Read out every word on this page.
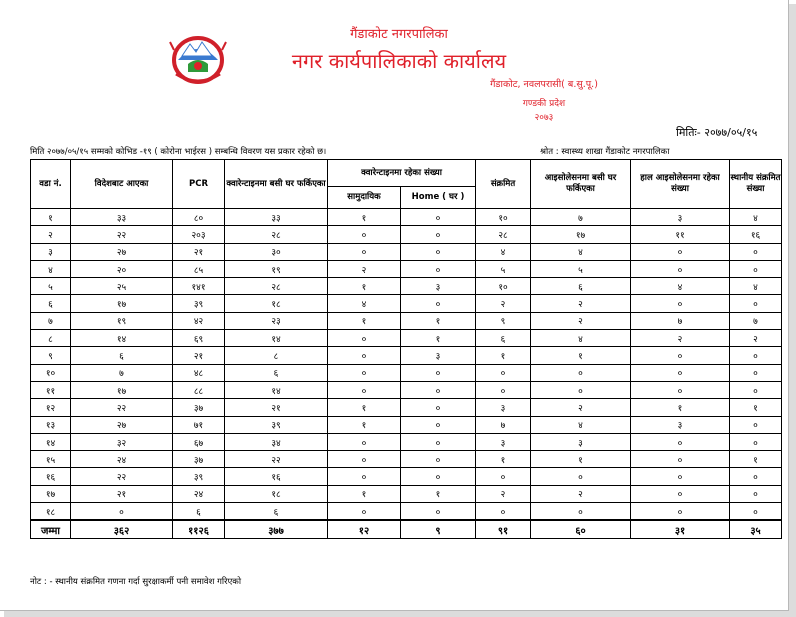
गैंडाकोट नगरपालिका
नगर कार्यपालिकाको कार्यालय
गैंडाकोट, नवलपरासी( ब.सु.पू.)
गण्डकी प्रदेश
२०७३
मितिः- २०७७/०५/१५
मिति २०७७/०५/१५ सम्मको कोभिड -१९ ( कोरोना भाईरस ) सम्बन्धि विवरण यस प्रकार रहेको छ।	श्रोत : स्वास्थ्य शाखा गैंडाकोट नगरपालिका
वडा नं.	विदेशबाट आएका	PCR	क्वारेन्टाइनमा बसी घर फर्किएका	क्वारेन्टाइनमा रहेका संख्या		संक्रमित	आइसोलेसनमा बसी घर फर्किएका	हाल आइसोलेसनमा रहेका संख्या	स्थानीय संक्रमित संख्या
				सामुदायिक	Home ( घर )				
१	३३	८०	३३	१	०	१०	७	३	४
२	२२	२०३	२८	०	०	२८	१७	११	१६
३	२७	२१	३०	०	०	४	४	०	०
४	२०	८५	१९	२	०	५	५	०	०
५	२५	१४१	२८	१	३	१०	६	४	४
६	१७	३९	१८	४	०	२	२	०	०
७	१९	४२	२३	१	१	९	२	७	७
८	१४	६९	१४	०	१	६	४	२	२
९	६	२१	८	०	३	१	१	०	०
१०	७	४८	६	०	०	०	०	०	०
११	१७	८८	१४	०	०	०	०	०	०
१२	२२	३७	२१	१	०	३	२	१	१
१३	२७	७१	३९	१	०	७	४	३	०
१४	३२	६७	३४	०	०	३	३	०	०
१५	२४	३७	२२	०	०	१	१	०	१
१६	२२	३९	१६	०	०	०	०	०	०
१७	२१	२४	१८	१	१	२	२	०	०
१८	०	६	६	०	०	०	०	०	०
जम्मा	३६२	११२६	३७७	१२	९	९१	६०	३१	३५
नोट : - स्थानीय संक्रमित गणना गर्दा सुरक्षाकर्मी पनी समावेश गरिएको
